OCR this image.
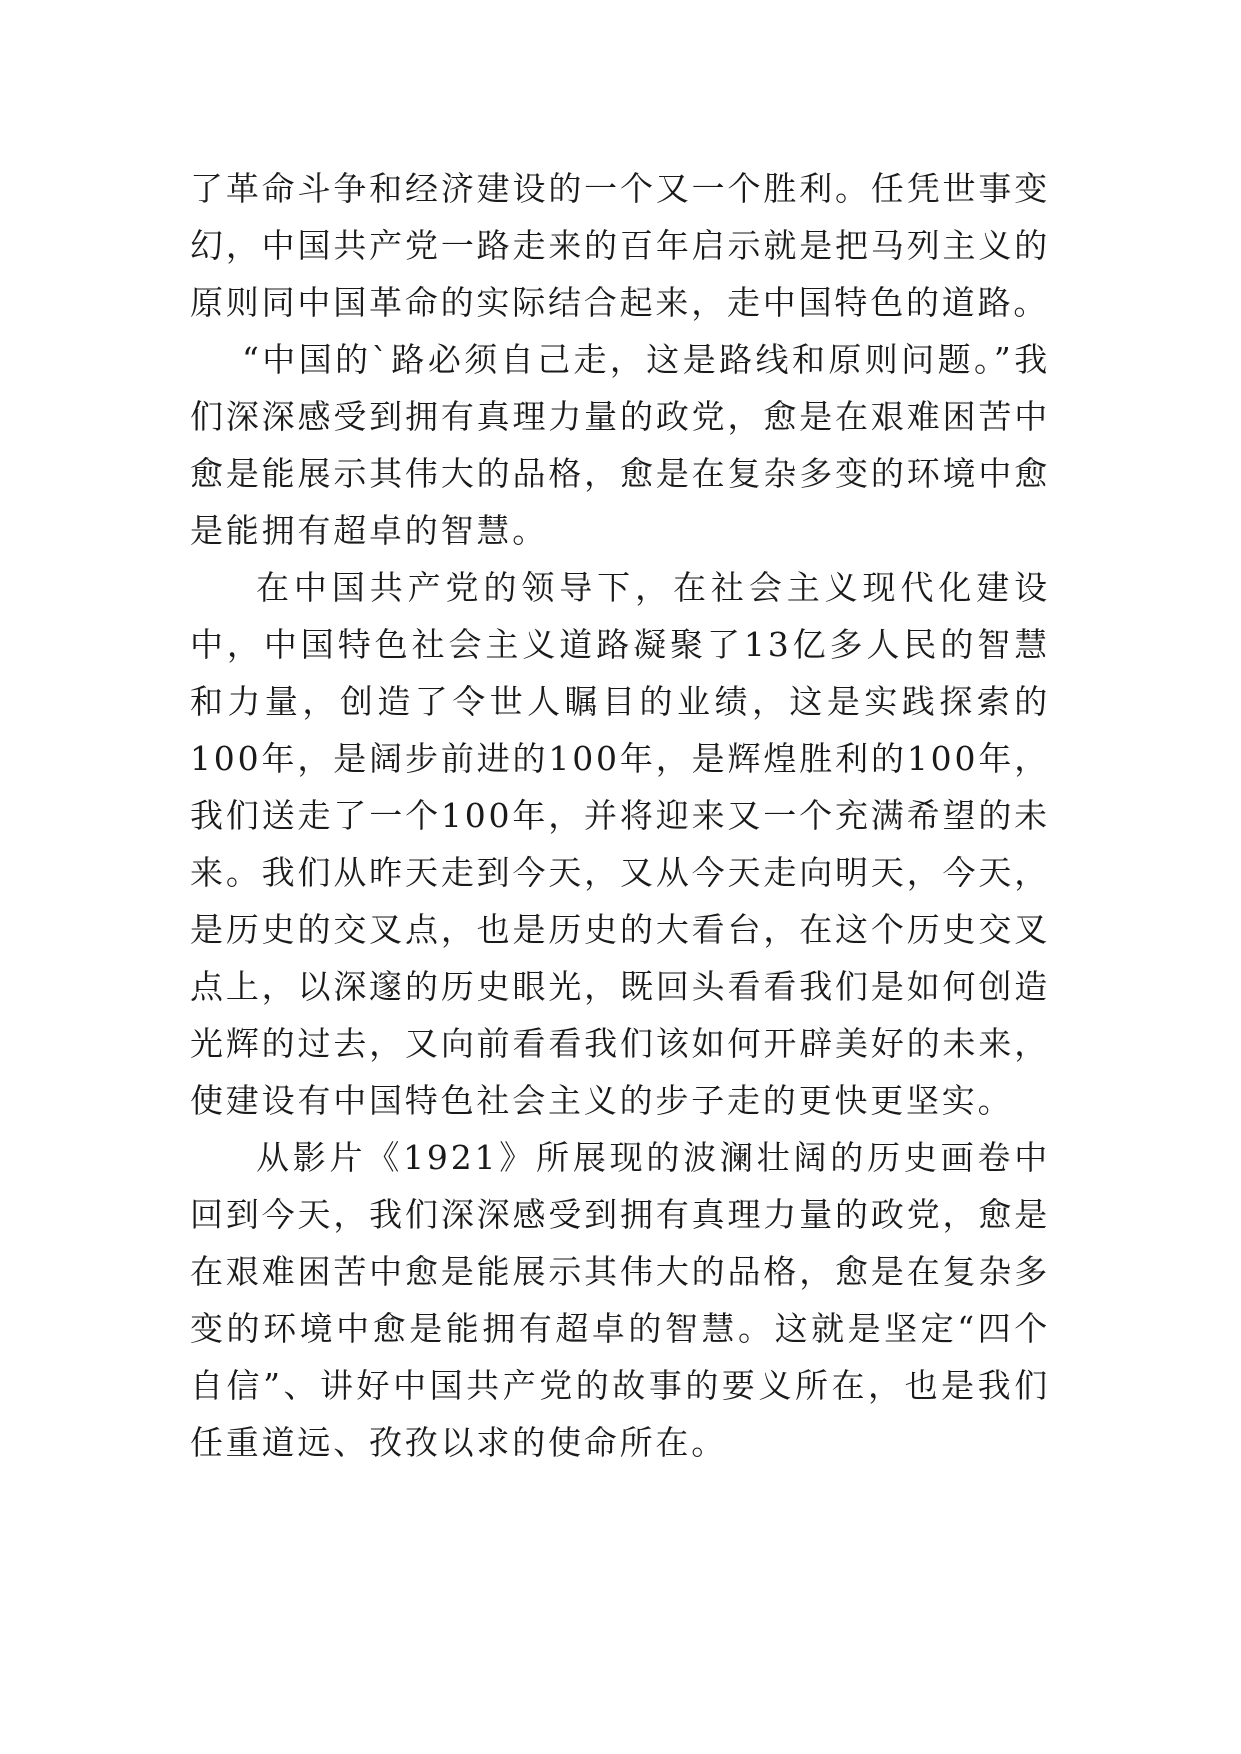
了革命斗争和经济建设的一个又一个胜利。任凭世事变幻，中国共产党一路走来的百年启示就是把马列主义的原则同中国革命的实际结合起来，走中国特色的道路。

“中国的`路必须自己走，这是路线和原则问题。”我们深深感受到拥有真理力量的政党，愈是在艰难困苦中愈是能展示其伟大的品格，愈是在复杂多变的环境中愈是能拥有超卓的智慧。

在中国共产党的领导下，在社会主义现代化建设中，中国特色社会主义道路凝聚了13亿多人民的智慧和力量，创造了令世人瞩目的业绩，这是实践探索的100年，是阔步前进的100年，是辉煌胜利的100年，我们送走了一个100年，并将迎来又一个充满希望的未来。我们从昨天走到今天，又从今天走向明天，今天，是历史的交叉点，也是历史的大看台，在这个历史交叉点上，以深邃的历史眼光，既回头看看我们是如何创造光辉的过去，又向前看看我们该如何开辟美好的未来，使建设有中国特色社会主义的步子走的更快更坚实。

从影片《1921》所展现的波澜壮阔的历史画卷中回到今天，我们深深感受到拥有真理力量的政党，愈是在艰难困苦中愈是能展示其伟大的品格，愈是在复杂多变的环境中愈是能拥有超卓的智慧。这就是坚定“四个自信”、讲好中国共产党的故事的要义所在，也是我们任重道远、孜孜以求的使命所在。
